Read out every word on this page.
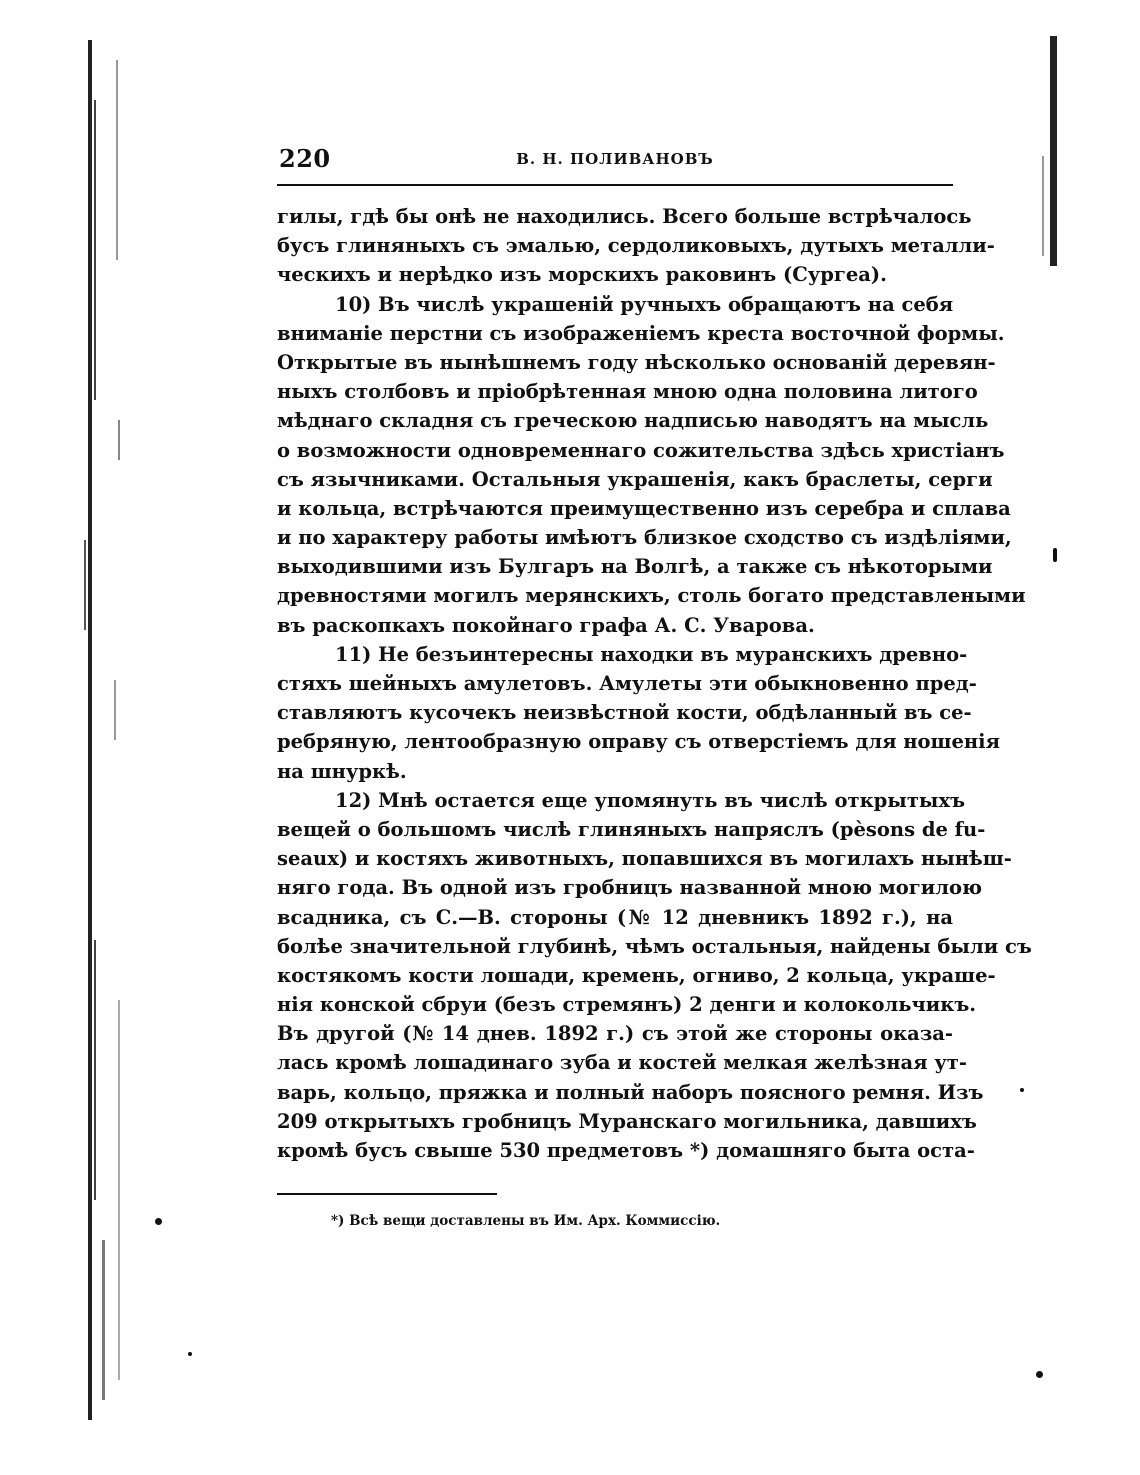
220	В. Н. ПОЛИВАНОВЪ
гилы, гдѣ бы онѣ не находились. Всего больше встрѣчалось
бусъ глиняныхъ съ эмалью, сердоликовыхъ, дутыхъ металли-
ческихъ и нерѣдко изъ морскихъ раковинъ (Сургеа).
10) Въ числѣ украшеній ручныхъ обращаютъ на себя
вниманіе перстни съ изображеніемъ креста восточной формы.
Открытые въ нынѣшнемъ году нѣсколько основаній деревян-
ныхъ столбовъ и пріобрѣтенная мною одна половина литого
мѣднаго складня съ греческою надписью наводятъ на мысль
о возможности одновременнаго сожительства здѣсь христіанъ
съ язычниками. Остальныя украшенія, какъ браслеты, серги
и кольца, встрѣчаются преимущественно изъ серебра и сплава
и по характеру работы имѣютъ близкое сходство съ издѣліями,
выходившими изъ Булгаръ на Волгѣ, а также съ нѣкоторыми
древностями могилъ мерянскихъ, столь богато представлеными
въ раскопкахъ покойнаго графа А. С. Уварова.
11) Не безъинтересны находки въ муранскихъ древно-
стяхъ шейныхъ амулетовъ. Амулеты эти обыкновенно пред-
ставляютъ кусочекъ неизвѣстной кости, обдѣланный въ се-
ребряную, лентообразную оправу съ отверстіемъ для ношенія
на шнуркѣ.
12) Мнѣ остается еще упомянуть въ числѣ открытыхъ
вещей о большомъ числѣ глиняныхъ напряслъ (pèsons de fu-
seaux) и костяхъ животныхъ, попавшихся въ могилахъ нынѣш-
няго года. Въ одной изъ гробницъ названной мною могилою
всадника, съ С.—В. стороны (№ 12 дневникъ 1892 г.), на
болѣе значительной глубинѣ, чѣмъ остальныя, найдены были съ
костякомъ кости лошади, кремень, огниво, 2 кольца, украше-
нія конской сбруи (безъ стремянъ) 2 денги и колокольчикъ.
Въ другой (№ 14 днев. 1892 г.) съ этой же стороны оказа-
лась кромѣ лошадинаго зуба и костей мелкая желѣзная ут-
варь, кольцо, пряжка и полный наборъ поясного ремня. Изъ
209 открытыхъ гробницъ Муранскаго могильника, давшихъ
кромѣ бусъ свыше 530 предметовъ *) домашняго быта оста-
*) Всѣ вещи доставлены въ Им. Арх. Коммиссію.
